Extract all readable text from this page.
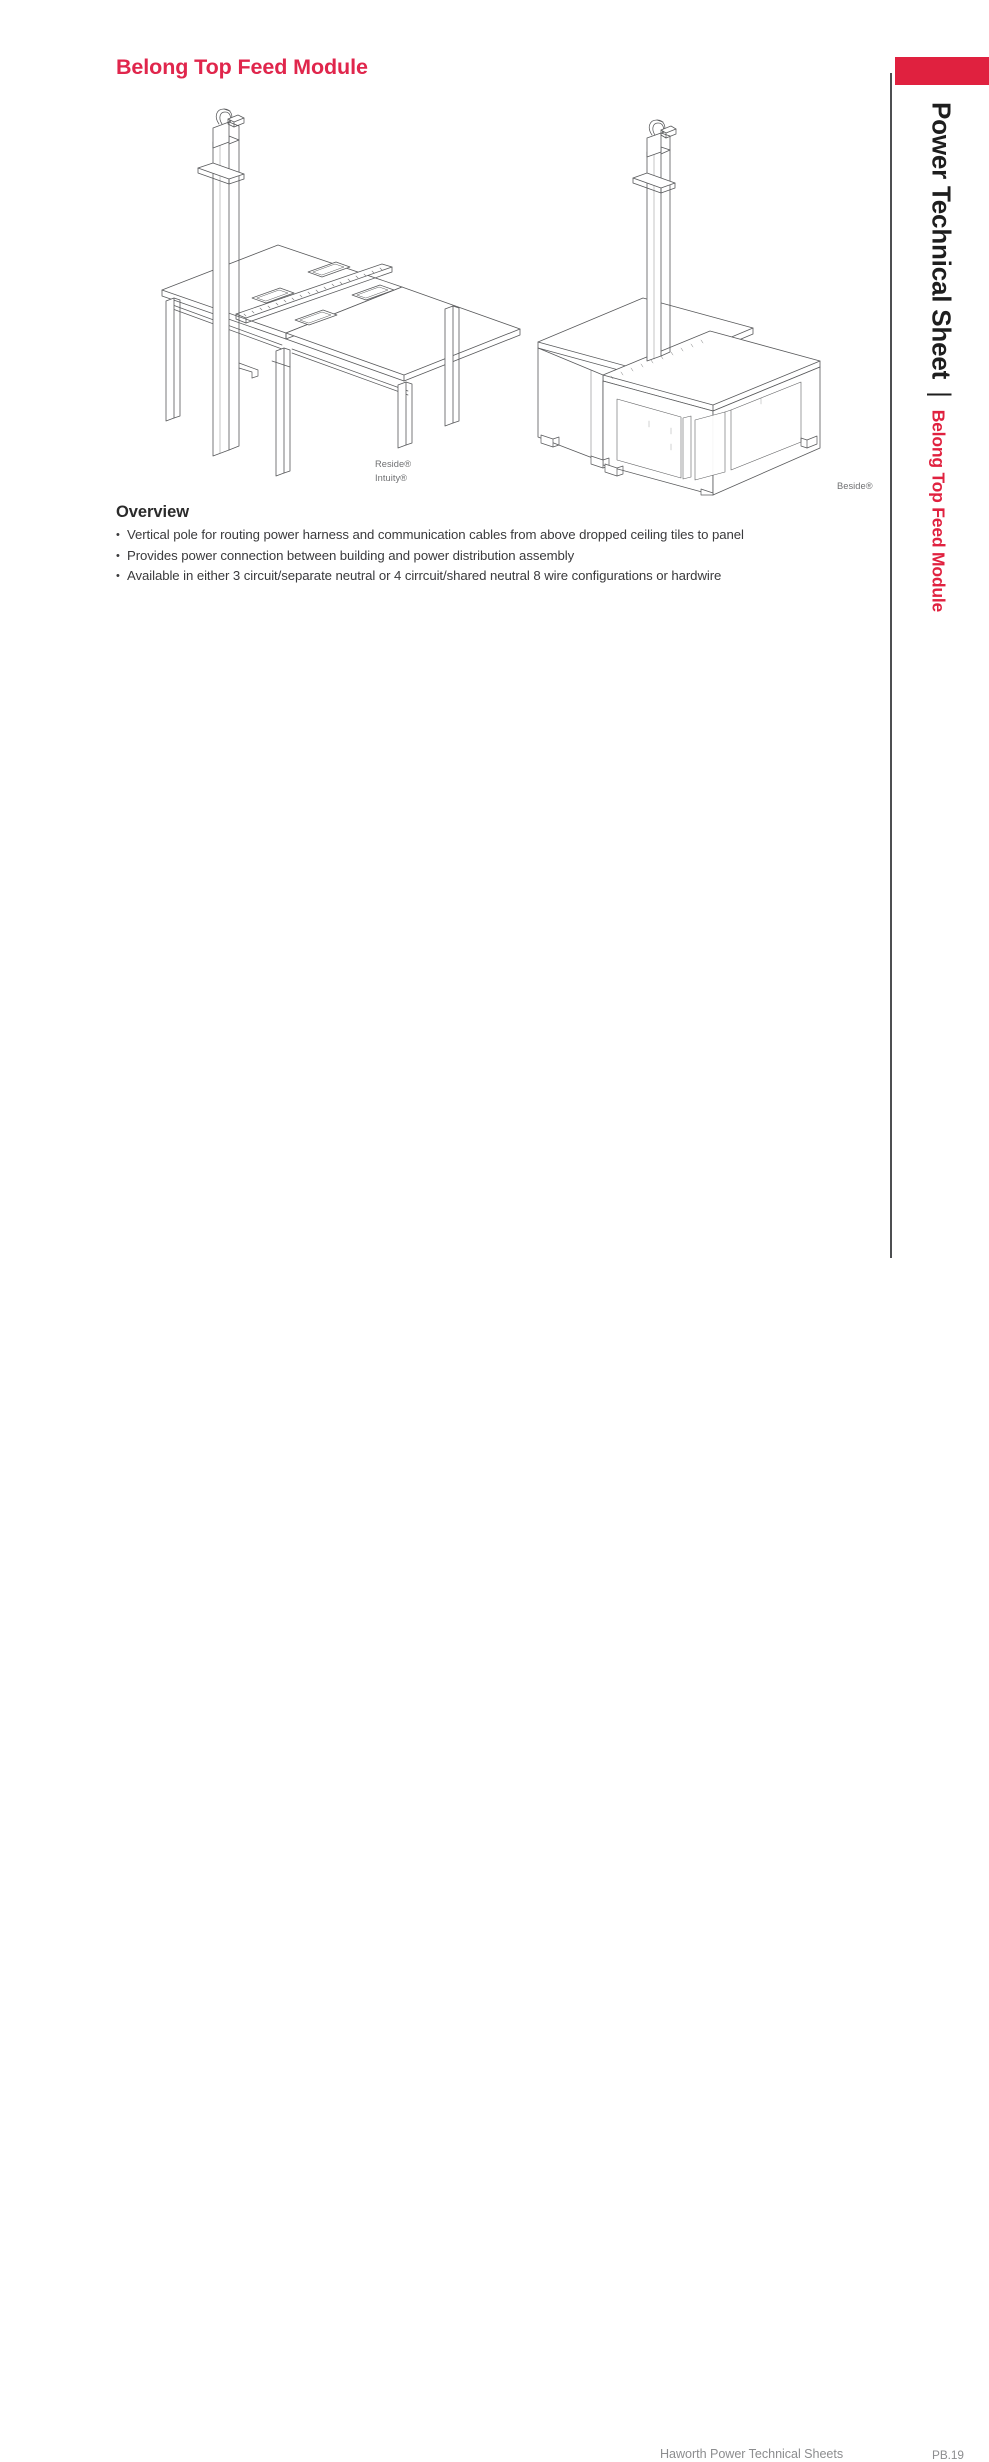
Belong Top Feed Module
Reside®
Intuity®
Beside®
Overview
• Vertical pole for routing power harness and communication cables from above dropped ceiling tiles to panel
• Provides power connection between building and power distribution assembly
• Available in either 3 circuit/separate neutral or 4 cirrcuit/shared neutral 8 wire configurations or hardwire
Power Technical Sheet | Belong Top Feed Module
Haworth Power Technical Sheets	PB.19
